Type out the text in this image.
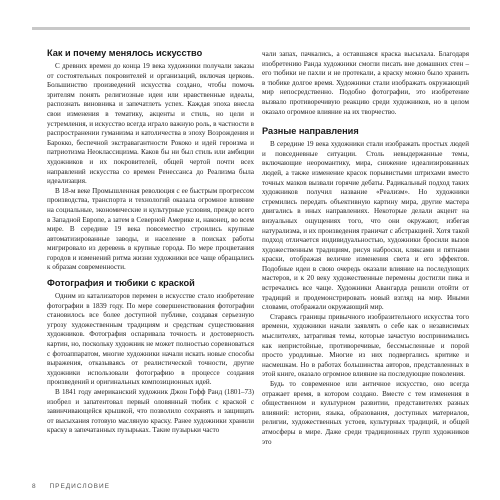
Как и почему менялось искусство

С древних времен до конца 19 века художники получали заказы от состоятельных покровителей и организаций, включая церковь. Большинство произведений искусства создано, чтобы помочь зрителям понять религиозные идеи или нравственные идеалы, распознать виновника и запечатлеть успех. Каждая эпоха внесла свои изменения в тематику, акценты и стиль, но цели и устремления, и искусство всегда играло важную роль, в частности в распространении гуманизма и католичества в эпоху Возрождения и Барокко, беспечной экстравагантности Рококо и идей героизма и патриотизма Неоклассицизма. Каков бы ни был стиль или амбиции художников и их покровителей, общей чертой почти всех направлений искусства со времен Ренессанса до Реализма была идеализация.

В 18-м веке Промышленная революция с ее быстрым прогрессом производства, транспорта и технологий оказала огромное влияние на социальные, экономические и культурные условия, прежде всего в Западной Европе, а затем в Северной Америке и, наконец, во всем мире. В середине 19 века повсеместно строились крупные автоматизированные заводы, и население в поисках работы мигрировало из деревень в крупные города. По мере процветания городов и изменений ритма жизни художники все чаще обращались к образам современности.

Фотография и тюбики с краской

Одним из катализаторов перемен в искусстве стало изобретение фотографии в 1839 году. По мере совершенствования фотографии становилось все более доступной публике, создавая серьезную угрозу художественным традициям и средствам существования художников. Фотография оспаривала точность и достоверность картин, но, поскольку художник не может полностью соревноваться с фотоаппаратом, многие художники начали искать новые способы выражения, отказываясь от реалистической точности, другие художники использовали фотографию в процессе создания произведений и оригинальных композиционных идей.

В 1841 году американский художник Джон Гофф Ранд (1801–73) изобрел и запатентовал первый оловянный тюбик с краской с завинчивающейся крышкой, что позволило сохранять и защищать от высыхания готовую масляную краску. Ранее художники хранили краску в запечатанных пузырьках. Такие пузырьки часто

чали запах, пачкались, а оставшаяся краска высыхала. Благодаря изобретению Ранда художники смогли писать вне домашних стен – его тюбики не пахли и не протекали, а краску можно было хранить в тюбике долгое время. Художники стали изображать окружающий мир непосредственно. Подобно фотографии, это изобретение вызвало противоречивую реакцию среди художников, но в целом оказало огромное влияние на их творчество.

Разные направления

В середине 19 века художники стали изображать простых людей и повседневные ситуации. Столь невыдержанные темы, включающие неоромантику, мира, снижение идеализированных людей, а также изменение красок порывистыми штрихами вместо точных мазков вызвали горячие дебаты. Радикальный подход таких художников получил название «Реализм». Но художники стремились передать объективную картину мира, другие мастера двигались в иных направлениях. Некоторые делали акцент на визуальных ощущениях того, что они окружают, избегая натурализма, и их произведения граничат с абстракцией. Хотя такой подход отличается индивидуальностью, художники бросили вызов художественным традициям, рисуя наброски, кляксами и пятнами краски, отображая величие изменения света и его эффектов. Подобные идеи в свою очередь оказали влияние на последующих мастеров, и к 20 веку художественные перемены достигли пика и встречались все чаще. Художники Авангарда решили отойти от традиций и продемонстрировать новый взгляд на мир. Иными словами, отображали окружающий мир.

Стараясь границы привычного изобразительного искусства того времени, художники начали заявлять о себе как о независимых мыслителях, затрагивая темы, которые зачастую воспринимались как непристойные, противоречивые, бессмысленные и порой просто уродливые. Многие из них подвергались критике и насмешкам. Но в работах большинства авторов, представленных в этой книге, оказало огромное влияние на последующие поколения.

Будь то современное или античное искусство, оно всегда отражает время, в котором создано. Вместе с тем изменения в общественном и культурном развитии, представителях разных влияний: истории, языка, образования, доступных материалов, религии, художественных устоев, культурных традиций, и общей атмосферы в мире. Даже среди традиционных групп художников это

8 ПРЕДИСЛОВИЕ
